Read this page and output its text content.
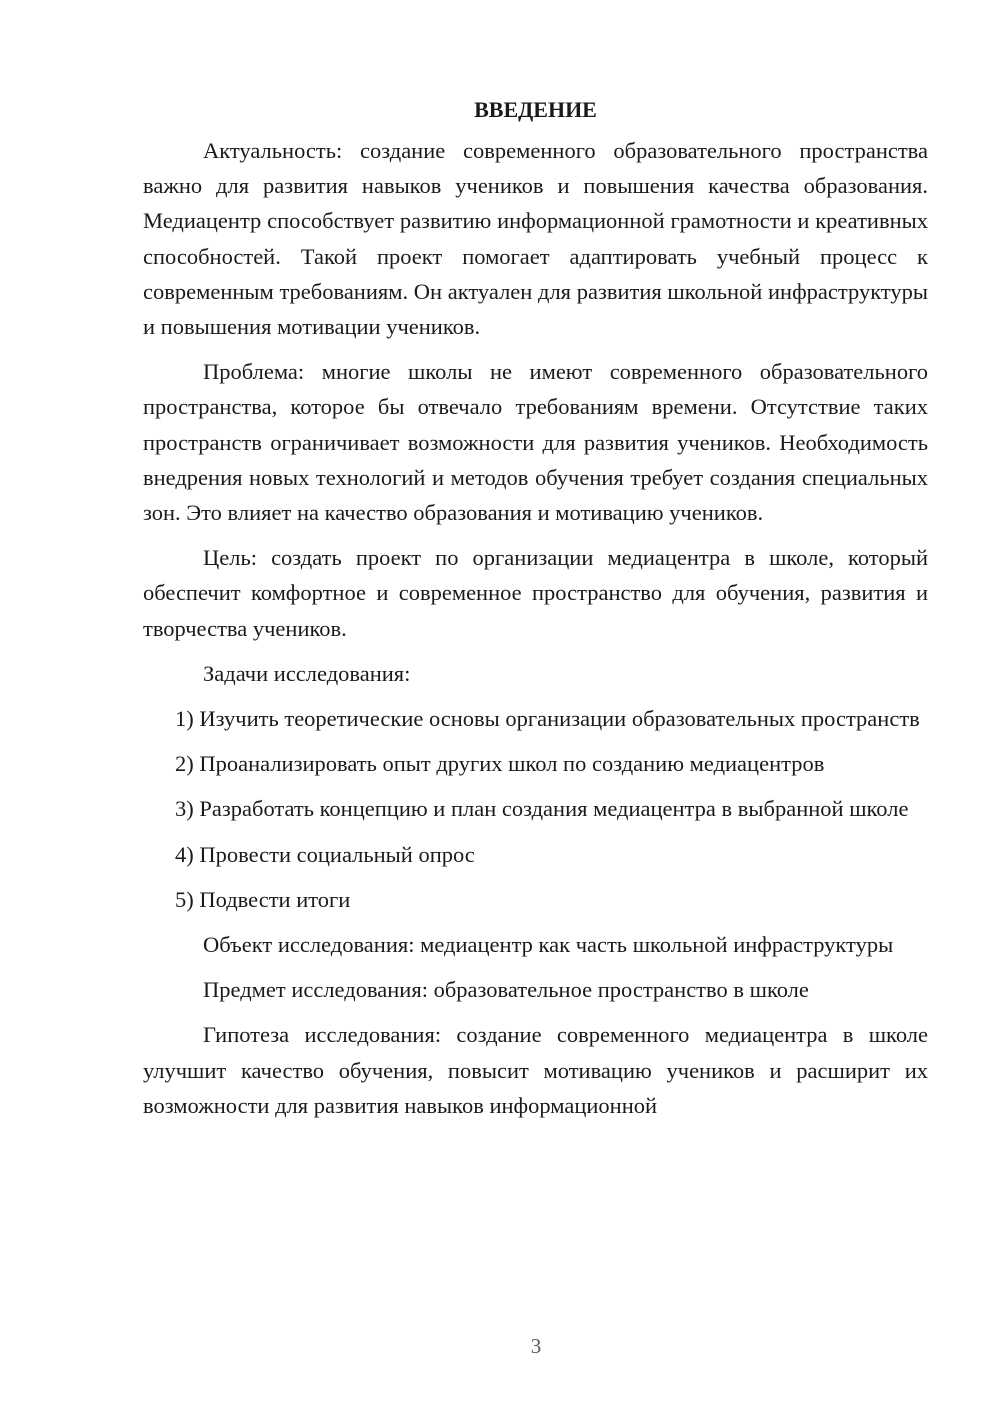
ВВЕДЕНИЕ

Актуальность: создание современного образовательного пространства важно для развития навыков учеников и повышения качества образования. Медиацентр способствует развитию информационной грамотности и креативных способностей. Такой проект помогает адаптировать учебный процесс к современным требованиям. Он актуален для развития школьной инфраструктуры и повышения мотивации учеников.

Проблема: многие школы не имеют современного образовательного пространства, которое бы отвечало требованиям времени. Отсутствие таких пространств ограничивает возможности для развития учеников. Необходимость внедрения новых технологий и методов обучения требует создания специальных зон. Это влияет на качество образования и мотивацию учеников.

Цель: создать проект по организации медиацентра в школе, который обеспечит комфортное и современное пространство для обучения, развития и творчества учеников.

Задачи исследования:

1) Изучить теоретические основы организации образовательных пространств

2) Проанализировать опыт других школ по созданию медиацентров

3) Разработать концепцию и план создания медиацентра в выбранной школе

4) Провести социальный опрос

5) Подвести итоги

Объект исследования: медиацентр как часть школьной инфраструктуры

Предмет исследования: образовательное пространство в школе

Гипотеза исследования: создание современного медиацентра в школе улучшит качество обучения, повысит мотивацию учеников и расширит их возможности для развития навыков информационной

3
